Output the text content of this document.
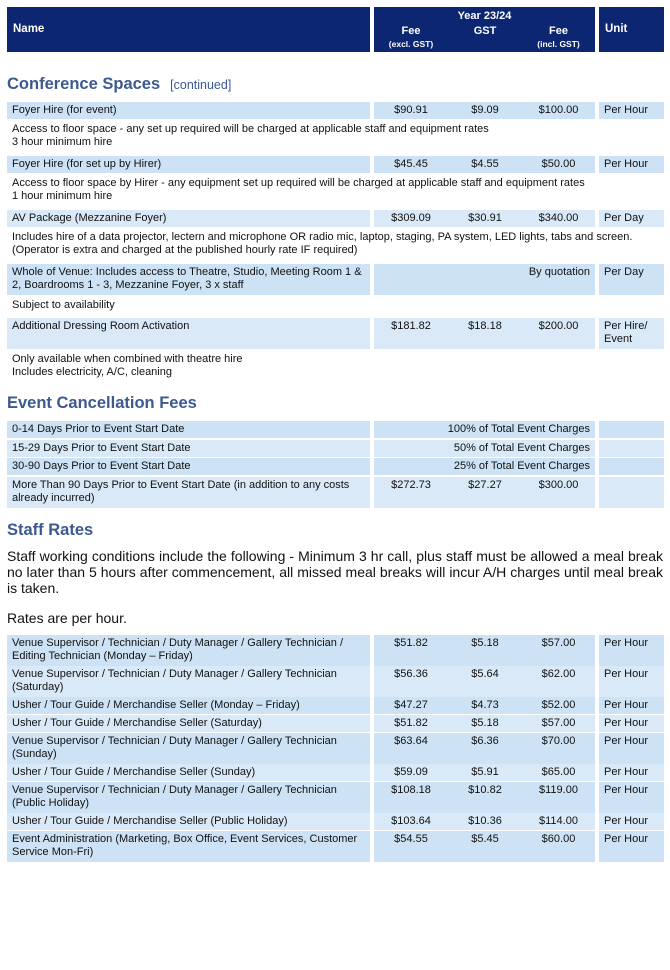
Name
Year 23/24
Fee	GST	Fee
(excl. GST)	(incl. GST)
Unit
Conference Spaces [continued]
Foyer Hire (for event)	$90.91	$9.09	$100.00	Per Hour
Access to floor space - any set up required will be charged at applicable staff and equipment rates
3 hour minimum hire
Foyer Hire (for set up by Hirer)	$45.45	$4.55	$50.00	Per Hour
Access to floor space by Hirer - any equipment set up required will be charged at applicable staff and equipment rates
1 hour minimum hire
AV Package (Mezzanine Foyer)	$309.09	$30.91	$340.00	Per Day
Includes hire of a data projector, lectern and microphone OR radio mic, laptop, staging, PA system, LED lights, tabs and screen.
(Operator is extra and charged at the published hourly rate IF required)
Whole of Venue: Includes access to Theatre, Studio, Meeting Room 1 &
2, Boardrooms 1 - 3, Mezzanine Foyer, 3 x staff
By quotation Per Day
Subject to availability
Additional Dressing Room Activation	$181.82	$18.18	$200.00	Per Hire/
Event
Only available when combined with theatre hire
Includes electricity, A/C, cleaning
Event Cancellation Fees
0-14 Days Prior to Event Start Date	100% of Total Event Charges
15-29 Days Prior to Event Start Date	50% of Total Event Charges
30-90 Days Prior to Event Start Date	25% of Total Event Charges
More Than 90 Days Prior to Event Start Date (in addition to any costs
already incurred)
$272.73	$27.27	$300.00
Staff Rates
Staff working conditions include the following - Minimum 3 hr call, plus staff must be allowed a meal break no later than 5 hours after commencement, all missed meal breaks will incur A/H charges until meal break is taken.
Rates are per hour.
Venue Supervisor / Technician / Duty Manager / Gallery Technician /
Editing Technician (Monday – Friday)
$51.82	$5.18	$57.00	Per Hour
Venue Supervisor / Technician / Duty Manager / Gallery Technician
(Saturday)
$56.36	$5.64	$62.00	Per Hour
Usher / Tour Guide / Merchandise Seller (Monday – Friday)	$47.27	$4.73	$52.00	Per Hour
Usher / Tour Guide / Merchandise Seller (Saturday)	$51.82	$5.18	$57.00	Per Hour
Venue Supervisor / Technician / Duty Manager / Gallery Technician
(Sunday)
$63.64	$6.36	$70.00	Per Hour
Usher / Tour Guide / Merchandise Seller (Sunday)	$59.09	$5.91	$65.00	Per Hour
Venue Supervisor / Technician / Duty Manager / Gallery Technician
(Public Holiday)
$108.18	$10.82	$119.00	Per Hour
Usher / Tour Guide / Merchandise Seller (Public Holiday)	$103.64	$10.36	$114.00	Per Hour
Event Administration (Marketing, Box Office, Event Services, Customer
Service Mon-Fri)
$54.55	$5.45	$60.00	Per Hour
